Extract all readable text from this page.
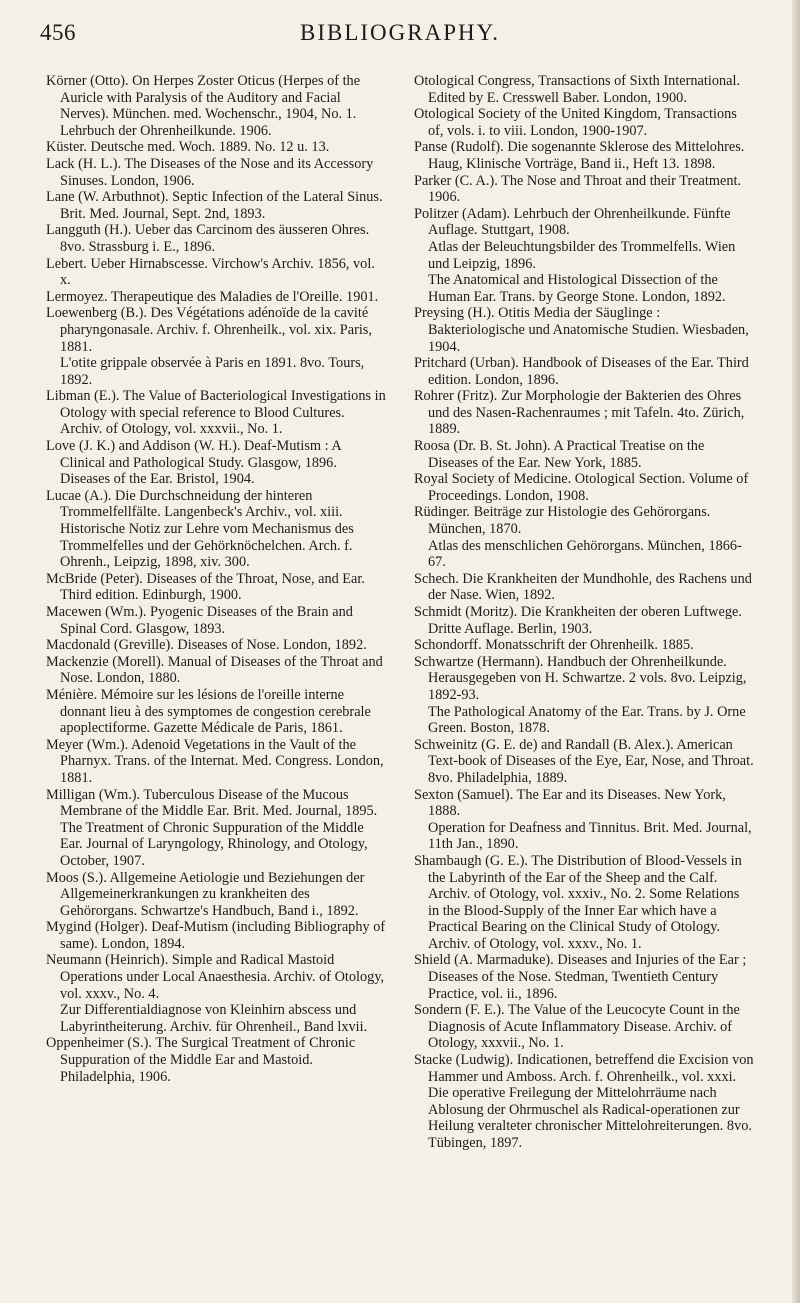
456	BIBLIOGRAPHY.

Körner (Otto). On Herpes Zoster Oticus (Herpes of the Auricle with Paralysis of the Auditory and Facial Nerves). München. med. Wochenschr., 1904, No. 1.

Lehrbuch der Ohrenheilkunde. 1906.

Küster. Deutsche med. Woch. 1889. No. 12 u. 13.

Lack (H. L.). The Diseases of the Nose and its Accessory Sinuses. London, 1906.

Lane (W. Arbuthnot). Septic Infection of the Lateral Sinus. Brit. Med. Journal, Sept. 2nd, 1893.

Langguth (H.). Ueber das Carcinom des äusseren Ohres. 8vo. Strassburg i. E., 1896.

Lebert. Ueber Hirnabscesse. Virchow's Archiv. 1856, vol. x.

Lermoyez. Therapeutique des Maladies de l'Oreille. 1901.

Loewenberg (B.). Des Végétations adénoïde de la cavité pharyngonasale. Archiv. f. Ohrenheilk., vol. xix. Paris, 1881.

L'otite grippale observée à Paris en 1891. 8vo. Tours, 1892.

Libman (E.). The Value of Bacteriological Investigations in Otology with special reference to Blood Cultures. Archiv. of Otology, vol. xxxvii., No. 1.

Love (J. K.) and Addison (W. H.). Deaf-Mutism : A Clinical and Pathological Study. Glasgow, 1896.

Diseases of the Ear. Bristol, 1904.

Lucae (A.). Die Durchschneidung der hinteren Trommelfellfälte. Langenbeck's Archiv., vol. xiii.

Historische Notiz zur Lehre vom Mechanismus des Trommelfelles und der Gehörknöchelchen. Arch. f. Ohrenh., Leipzig, 1898, xiv. 300.

McBride (Peter). Diseases of the Throat, Nose, and Ear. Third edition. Edinburgh, 1900.

Macewen (Wm.). Pyogenic Diseases of the Brain and Spinal Cord. Glasgow, 1893.

Macdonald (Greville). Diseases of Nose. London, 1892.

Mackenzie (Morell). Manual of Diseases of the Throat and Nose. London, 1880.

Ménière. Mémoire sur les lésions de l'oreille interne donnant lieu à des symptomes de congestion cerebrale apoplectiforme. Gazette Médicale de Paris, 1861.

Meyer (Wm.). Adenoid Vegetations in the Vault of the Pharnyx. Trans. of the Internat. Med. Congress. London, 1881.

Milligan (Wm.). Tuberculous Disease of the Mucous Membrane of the Middle Ear. Brit. Med. Journal, 1895.

The Treatment of Chronic Suppuration of the Middle Ear. Journal of Laryngology, Rhinology, and Otology, October, 1907.

Moos (S.). Allgemeine Aetiologie und Beziehungen der Allgemeinerkrankungen zu krankheiten des Gehörorgans. Schwartze's Handbuch, Band i., 1892.

Mygind (Holger). Deaf-Mutism (including Bibliography of same). London, 1894.

Neumann (Heinrich). Simple and Radical Mastoid Operations under Local Anaesthesia. Archiv. of Otology, vol. xxxv., No. 4.

Zur Differentialdiagnose von Kleinhirn abscess und Labyrintheiterung. Archiv. für Ohrenheil., Band lxvii.

Oppenheimer (S.). The Surgical Treatment of Chronic Suppuration of the Middle Ear and Mastoid. Philadelphia, 1906.

Otological Congress, Transactions of Sixth International. Edited by E. Cresswell Baber. London, 1900.

Otological Society of the United Kingdom, Transactions of, vols. i. to viii. London, 1900-1907.

Panse (Rudolf). Die sogenannte Sklerose des Mittelohres. Haug, Klinische Vorträge, Band ii., Heft 13. 1898.

Parker (C. A.). The Nose and Throat and their Treatment. 1906.

Politzer (Adam). Lehrbuch der Ohrenheilkunde. Fünfte Auflage. Stuttgart, 1908.

Atlas der Beleuchtungsbilder des Trommelfells. Wien und Leipzig, 1896.

The Anatomical and Histological Dissection of the Human Ear. Trans. by George Stone. London, 1892.

Preysing (H.). Otitis Media der Säuglinge : Bakteriologische und Anatomische Studien. Wiesbaden, 1904.

Pritchard (Urban). Handbook of Diseases of the Ear. Third edition. London, 1896.

Rohrer (Fritz). Zur Morphologie der Bakterien des Ohres und des Nasen-Rachenraumes ; mit Tafeln. 4to. Zürich, 1889.

Roosa (Dr. B. St. John). A Practical Treatise on the Diseases of the Ear. New York, 1885.

Royal Society of Medicine. Otological Section. Volume of Proceedings. London, 1908.

Rüdinger. Beiträge zur Histologie des Gehörorgans. München, 1870.

Atlas des menschlichen Gehörorgans. München, 1866-67.

Schech. Die Krankheiten der Mundhohle, des Rachens und der Nase. Wien, 1892.

Schmidt (Moritz). Die Krankheiten der oberen Luftwege. Dritte Auflage. Berlin, 1903.

Schondorff. Monatsschrift der Ohrenheilk. 1885.

Schwartze (Hermann). Handbuch der Ohrenheilkunde. Herausgegeben von H. Schwartze. 2 vols. 8vo. Leipzig, 1892-93.

The Pathological Anatomy of the Ear. Trans. by J. Orne Green. Boston, 1878.

Schweinitz (G. E. de) and Randall (B. Alex.). American Text-book of Diseases of the Eye, Ear, Nose, and Throat. 8vo. Philadelphia, 1889.

Sexton (Samuel). The Ear and its Diseases. New York, 1888.

Operation for Deafness and Tinnitus. Brit. Med. Journal, 11th Jan., 1890.

Shambaugh (G. E.). The Distribution of Blood-Vessels in the Labyrinth of the Ear of the Sheep and the Calf. Archiv. of Otology, vol. xxxiv., No. 2. Some Relations in the Blood-Supply of the Inner Ear which have a Practical Bearing on the Clinical Study of Otology. Archiv. of Otology, vol. xxxv., No. 1.

Shield (A. Marmaduke). Diseases and Injuries of the Ear ; Diseases of the Nose. Stedman, Twentieth Century Practice, vol. ii., 1896.

Sondern (F. E.). The Value of the Leucocyte Count in the Diagnosis of Acute Inflammatory Disease. Archiv. of Otology, xxxvii., No. 1.

Stacke (Ludwig). Indicationen, betreffend die Excision von Hammer und Amboss. Arch. f. Ohrenheilk., vol. xxxi.

Die operative Freilegung der Mittelohrräume nach Ablosung der Ohrmuschel als Radical-operationen zur Heilung veralteter chronischer Mittelohreiterungen. 8vo. Tübingen, 1897.
